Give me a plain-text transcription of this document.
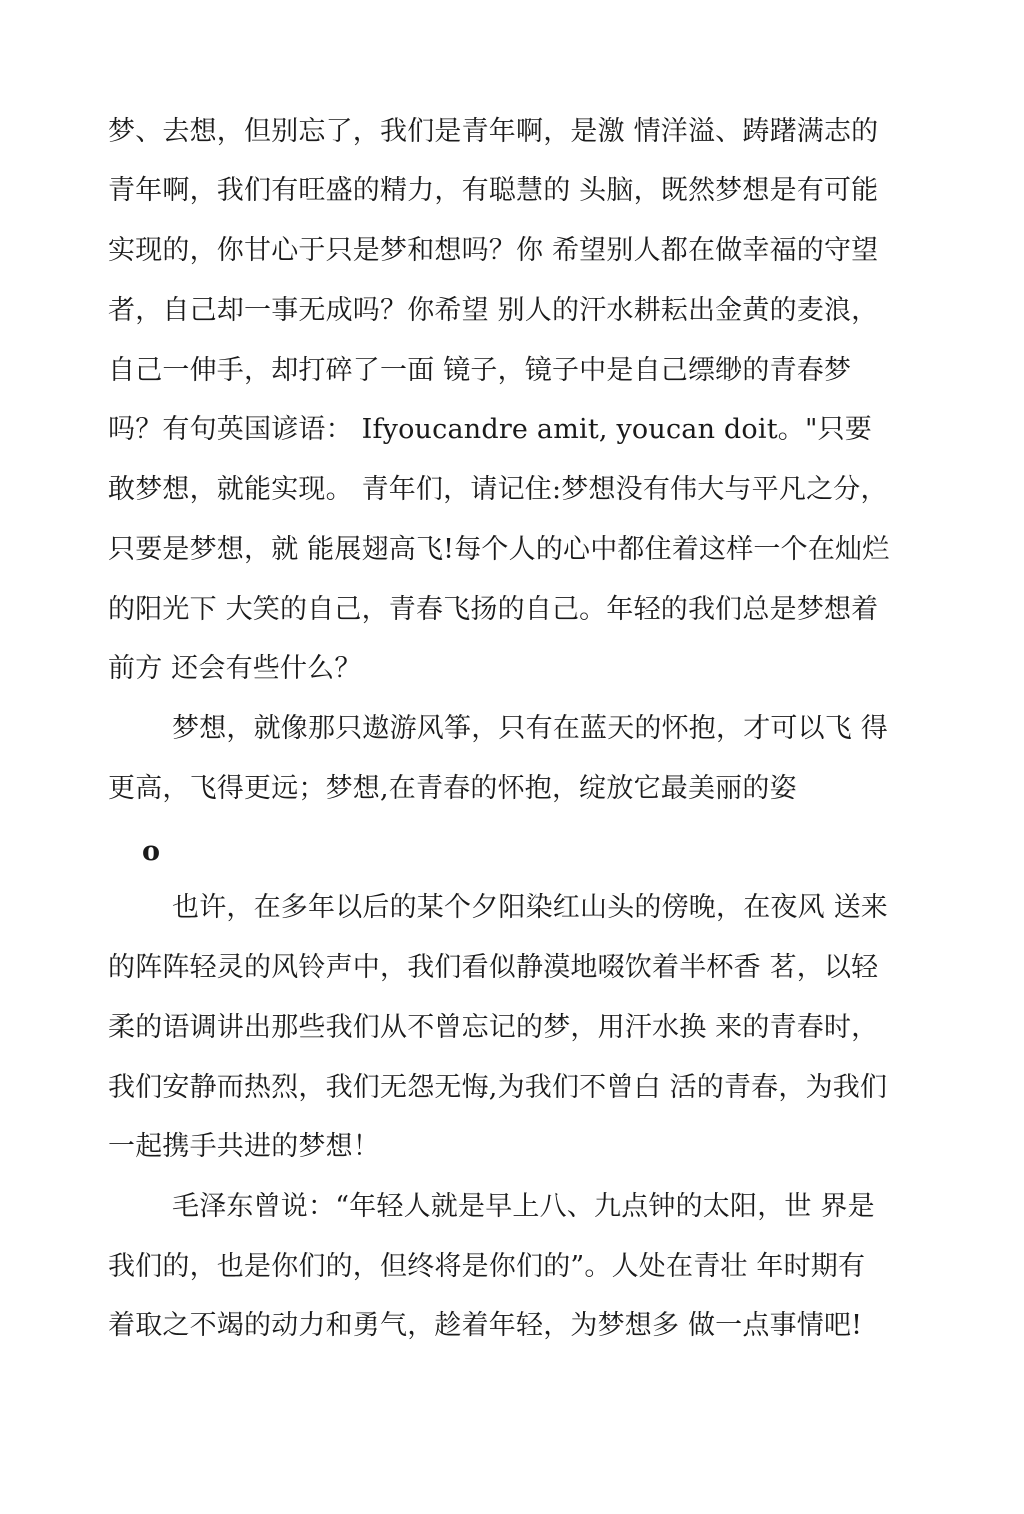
梦、去想，但别忘了，我们是青年啊，是激 情洋溢、踌躇满志的
青年啊，我们有旺盛的精力，有聪慧的 头脑，既然梦想是有可能
实现的，你甘心于只是梦和想吗？你 希望别人都在做幸福的守望
者，自己却一事无成吗？你希望 别人的汗水耕耘出金黄的麦浪，
自己一伸手，却打碎了一面 镜子，镜子中是自己缥缈的青春梦
吗？有句英国谚语： Ifyoucandre amit, youcan doit。"只要
敢梦想，就能实现。 青年们，请记住:梦想没有伟大与平凡之分，
只要是梦想，就 能展翅高飞!每个人的心中都住着这样一个在灿烂
的阳光下 大笑的自己，青春飞扬的自己。年轻的我们总是梦想着
前方 还会有些什么？
梦想，就像那只遨游风筝，只有在蓝天的怀抱，才可以飞 得
更高，飞得更远；梦想,在青春的怀抱，绽放它最美丽的姿
o
也许，在多年以后的某个夕阳染红山头的傍晚，在夜风 送来
的阵阵轻灵的风铃声中，我们看似静漠地啜饮着半杯香 茗，以轻
柔的语调讲出那些我们从不曾忘记的梦，用汗水换 来的青春时，
我们安静而热烈，我们无怨无悔,为我们不曾白 活的青春，为我们
一起携手共进的梦想！
毛泽东曾说：“年轻人就是早上八、九点钟的太阳，世 界是
我们的，也是你们的，但终将是你们的”。人处在青壮 年时期有
着取之不竭的动力和勇气，趁着年轻，为梦想多 做一点事情吧!
